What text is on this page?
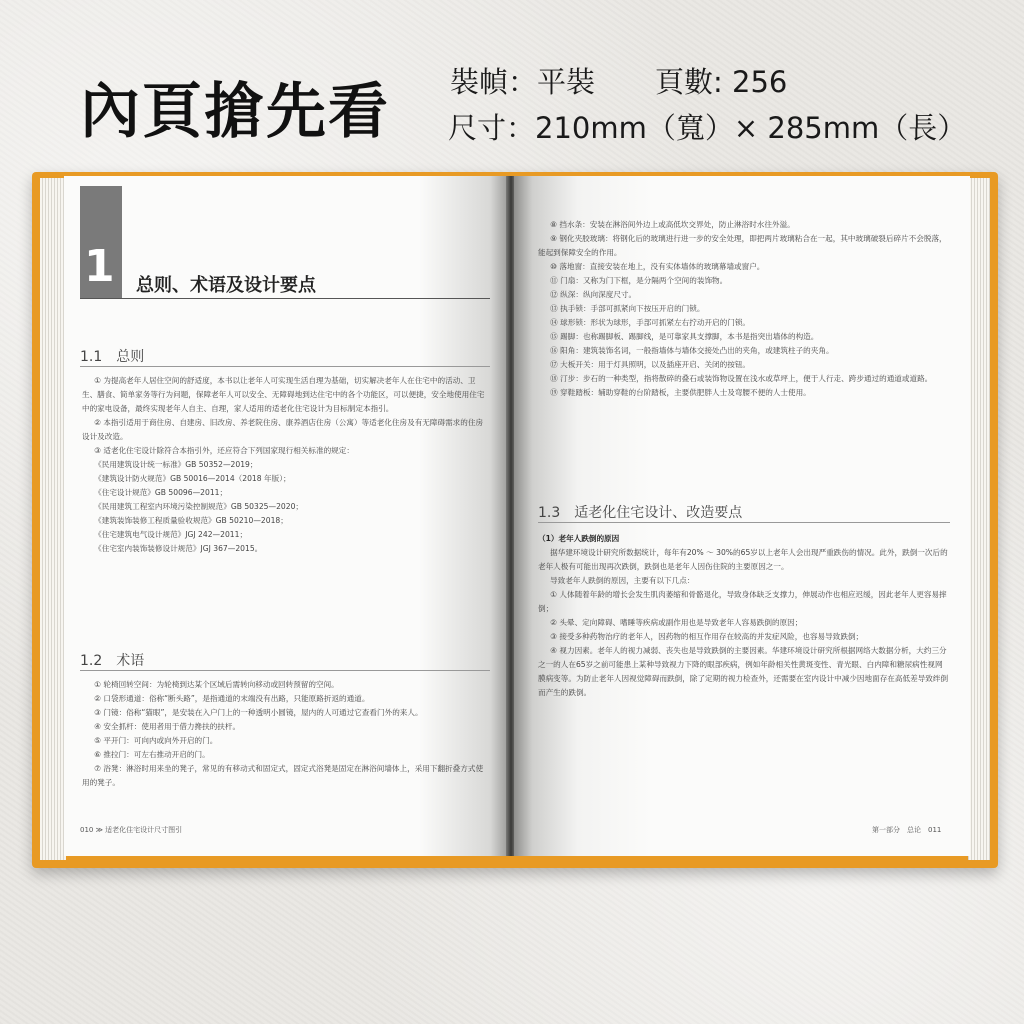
內頁搶先看 裝幀：平裝 頁數: 256
尺寸：210mm（寬）× 285mm（長）
1 总则、术语及设计要点
1.1　总则

① 为提高老年人居住空间的舒适度，本书以让老年人可实现生活自理为基础，切实解决老年人在住宅中的活动、卫生、膳食、简单家务等行为问题，保障老年人可以安全、无障碍地到达住宅中的各个功能区，可以便捷，安全地使用住宅中的家电设备，最终实现老年人自主、自理，家人适用的适老化住宅设计为目标制定本指引。

② 本指引适用于商住房、自建房、旧改房、养老院住房、康养酒店住房（公寓）等适老化住房及有无障碍需求的住房设计及改造。

③ 适老化住宅设计除符合本指引外，还应符合下列国家现行相关标准的规定：

《民用建筑设计统一标准》GB 50352—2019；

《建筑设计防火规范》GB 50016—2014（2018 年版）；

《住宅设计规范》GB 50096—2011；

《民用建筑工程室内环境污染控制规范》GB 50325—2020；

《建筑装饰装修工程质量验收规范》GB 50210—2018；

《住宅建筑电气设计规范》JGJ 242—2011；

《住宅室内装饰装修设计规范》JGJ 367—2015。

1.2　术语

① 轮椅回转空间：为轮椅到达某个区域后需转向移动或回转预留的空间。

② 口袋形通道：俗称“断头路”，是指通道的末端没有出路，只能原路折返的通道。

③ 门镜：俗称“猫眼”，是安装在入户门上的一种透明小圆镜，屋内的人可通过它查看门外的来人。

④ 安全抓杆：使用者用于借力搀扶的扶杆。

⑤ 平开门：可向内或向外开启的门。

⑥ 推拉门：可左右推动开启的门。

⑦ 浴凳：淋浴时用来坐的凳子，常见的有移动式和固定式，固定式浴凳是固定在淋浴间墙体上，采用下翻折叠方式使用的凳子。

010 ≫ 适老化住宅设计尺寸图引

⑧ 挡水条：安装在淋浴间外边上或高低坎交界处，防止淋浴时水往外溢。

⑨ 钢化夹胶玻璃：将钢化后的玻璃进行进一步的安全处理，即把两片玻璃粘合在一起，其中玻璃破裂后碎片不会脱落，能起到保障安全的作用。

⑩ 落地窗：直接安装在地上，没有实体墙体的玻璃幕墙或窗户。

⑪ 门扇：又称为门下框，是分隔两个空间的装饰物。

⑫ 纵深：纵向深度尺寸。

⑬ 执手锁：手部可抓紧向下按压开启的门锁。

⑭ 球形锁：形状为球形，手部可抓紧左右拧动开启的门锁。

⑮ 踢脚：也称踢脚板、踢脚线，是可靠家具支撑脚，本书是指突出墙体的构造。

⑯ 阳角：建筑装饰名词，一般指墙体与墙体交接处凸出的夹角，或建筑柱子的夹角。

⑰ 大板开关：用于灯具照明，以及插座开启、关闭的按钮。

⑱ 汀步：步石的一种类型，指将散碎的叠石或装饰物设置在浅水或草坪上，便于人行走、跨步通过的通道或道路。

⑲ 穿鞋踏板：辅助穿鞋的台阶踏板，主要供肥胖人士及弯腰不便的人士使用。

1.3　适老化住宅设计、改造要点

（1）老年人跌倒的原因

据华建环境设计研究所数据统计，每年有20% ～ 30%的65岁以上老年人会出现严重跌伤的情况。此外，跌倒一次后的老年人极有可能出现再次跌倒，跌倒也是老年人因伤住院的主要原因之一。

导致老年人跌倒的原因，主要有以下几点：

① 人体随着年龄的增长会发生肌肉萎缩和骨骼退化，导致身体缺乏支撑力，伸展动作也相应迟缓，因此老年人更容易摔倒；

② 头晕、定向障碍、嗜睡等疾病或副作用也是导致老年人容易跌倒的原因；

③ 接受多种药物治疗的老年人，因药物的相互作用存在较高的并发症风险，也容易导致跌倒；

④ 视力因素。老年人的视力减弱、丧失也是导致跌倒的主要因素。华建环境设计研究所根据网络大数据分析，大约三分之一的人在65岁之前可能患上某种导致视力下降的眼部疾病，例如年龄相关性黄斑变性、青光眼、白内障和糖尿病性视网膜病变等。为防止老年人因视觉障碍而跌倒，除了定期的视力检查外，还需要在室内设计中减少因地面存在高低差导致绊倒而产生的跌倒。

第一部分　总论　011
